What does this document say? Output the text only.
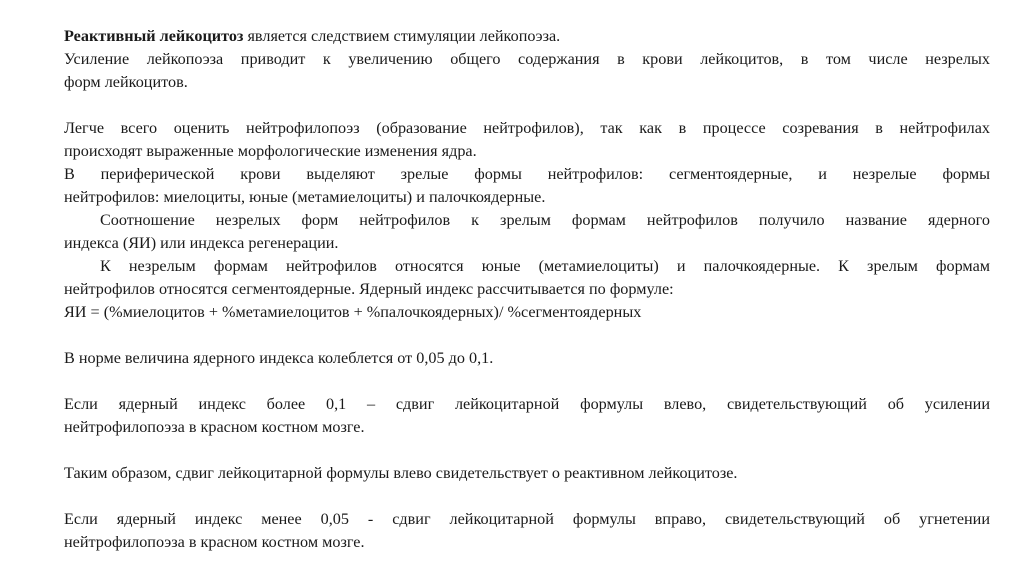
Реактивный лейкоцитоз является следствием стимуляции лейкопоэза.

Усиление лейкопоэза приводит к увеличению общего содержания в крови лейкоцитов, в том числе незрелых
форм лейкоцитов.

Легче всего оценить нейтрофилопоэз (образование нейтрофилов), так как в процессе созревания в нейтрофилах
происходят выраженные морфологические изменения ядра.

В периферической крови выделяют зрелые формы нейтрофилов: сегментоядерные, и незрелые формы
нейтрофилов: миелоциты, юные (метамиелоциты) и палочкоядерные.

Соотношение незрелых форм нейтрофилов к зрелым формам нейтрофилов получило название ядерного
индекса (ЯИ) или индекса регенерации.

К незрелым формам нейтрофилов относятся юные (метамиелоциты) и палочкоядерные. К зрелым формам
нейтрофилов относятся сегментоядерные. Ядерный индекс рассчитывается по формуле:

ЯИ = (%миелоцитов + %метамиелоцитов + %палочкоядерных)/ %сегментоядерных

В норме величина ядерного индекса колеблется от 0,05 до 0,1.

Если ядерный индекс более 0,1 – сдвиг лейкоцитарной формулы влево, свидетельствующий об усилении
нейтрофилопоэза в красном костном мозге.

Таким образом, сдвиг лейкоцитарной формулы влево свидетельствует о реактивном лейкоцитозе.

Если ядерный индекс менее 0,05 - сдвиг лейкоцитарной формулы вправо, свидетельствующий об угнетении
нейтрофилопоэза в красном костном мозге.
